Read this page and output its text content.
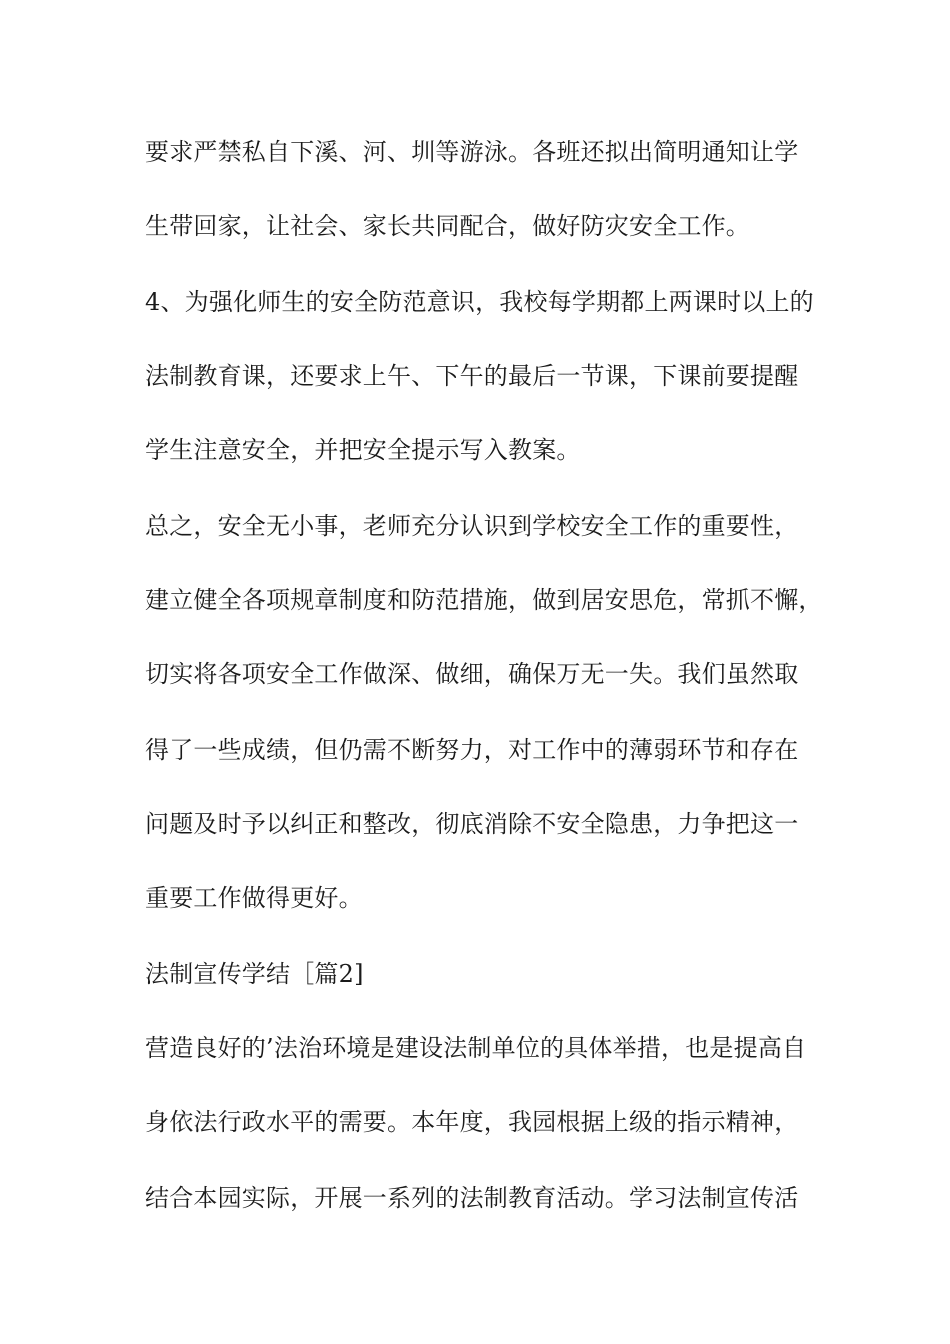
要求严禁私自下溪、河、圳等游泳。各班还拟出简明通知让学
生带回家，让社会、家长共同配合，做好防灾安全工作。
4、为强化师生的安全防范意识，我校每学期都上两课时以上的
法制教育课，还要求上午、下午的最后一节课，下课前要提醒
学生注意安全，并把安全提示写入教案。
总之，安全无小事，老师充分认识到学校安全工作的重要性，
建立健全各项规章制度和防范措施，做到居安思危，常抓不懈，
切实将各项安全工作做深、做细，确保万无一失。我们虽然取
得了一些成绩，但仍需不断努力，对工作中的薄弱环节和存在
问题及时予以纠正和整改，彻底消除不安全隐患，力争把这一
重要工作做得更好。
法制宣传学结［篇2]
营造良好的’法治环境是建设法制单位的具体举措，也是提高自
身依法行政水平的需要。本年度，我园根据上级的指示精神，
结合本园实际，开展一系列的法制教育活动。学习法制宣传活
